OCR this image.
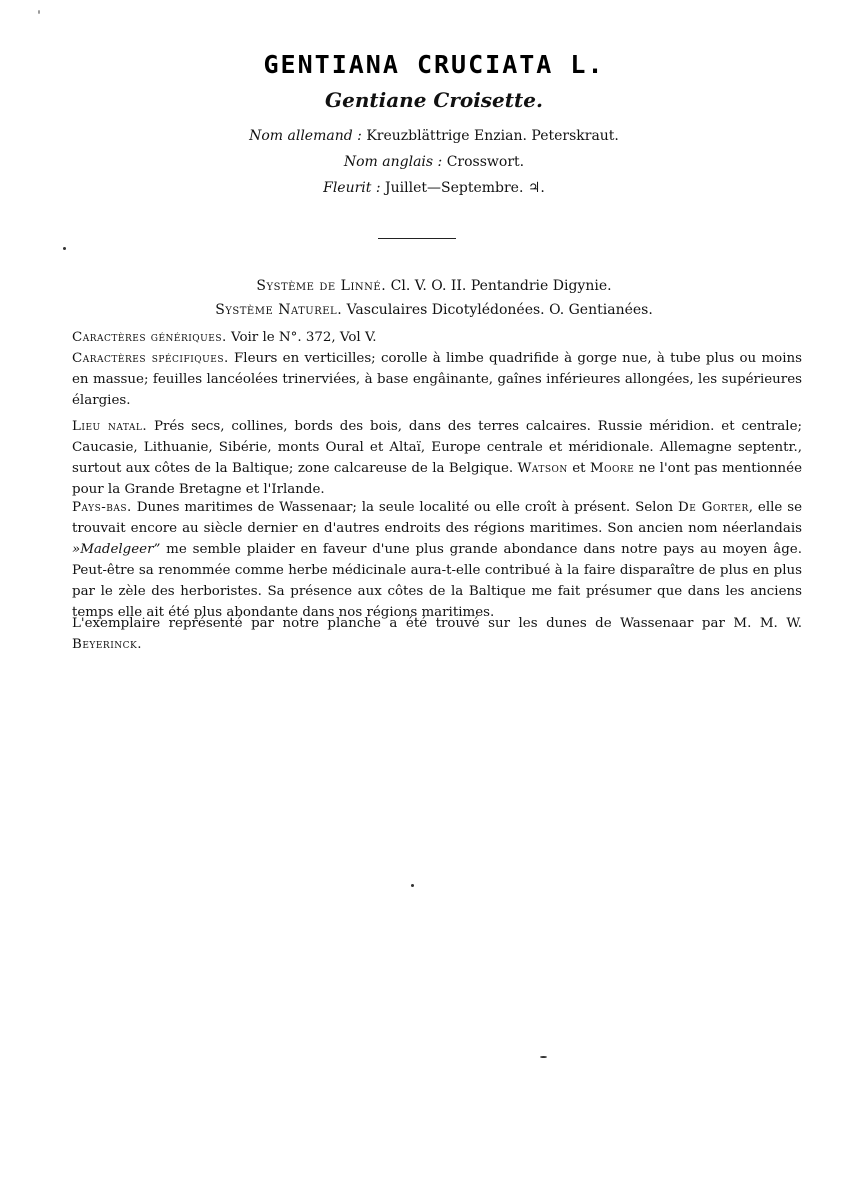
GENTIANA CRUCIATA L.
Gentiane Croisette.
Nom allemand : Kreuzblättrige Enzian. Peterskraut.
Nom anglais : Crosswort.
Fleurit : Juillet—Septembre. ♃.
Système de Linné. Cl. V. O. II. Pentandrie Digynie.
Système Naturel. Vasculaires Dicotylédonées. O. Gentianées.

Caractères génériques. Voir le N°. 372, Vol V.

Caractères spécifiques. Fleurs en verticilles; corolle à limbe quadrifide à gorge nue, à tube plus ou moins en massue; feuilles lancéolées trinerviées, à base engâinante, gaînes inférieures allongées, les supérieures élargies.

Lieu natal. Prés secs, collines, bords des bois, dans des terres calcaires. Russie méridion. et centrale; Caucasie, Lithuanie, Sibérie, monts Oural et Altaï, Europe centrale et méridionale. Allemagne septentr., surtout aux côtes de la Baltique; zone calcareuse de la Belgique. Watson et Moore ne l'ont pas mentionnée pour la Grande Bretagne et l'Irlande.

Pays-bas. Dunes maritimes de Wassenaar; la seule localité ou elle croît à présent. Selon De Gorter, elle se trouvait encore au siècle dernier en d'autres endroits des régions maritimes. Son ancien nom néerlandais »Madelgeer” me semble plaider en faveur d'une plus grande abondance dans notre pays au moyen âge. Peut-être sa renommée comme herbe médicinale aura-t-elle contribué à la faire disparaître de plus en plus par le zèle des herboristes. Sa présence aux côtes de la Baltique me fait présumer que dans les anciens temps elle ait été plus abondante dans nos régions maritimes.

L'exemplaire représenté par notre planche a été trouvé sur les dunes de Wassenaar par M. M. W. Beyerinck.
